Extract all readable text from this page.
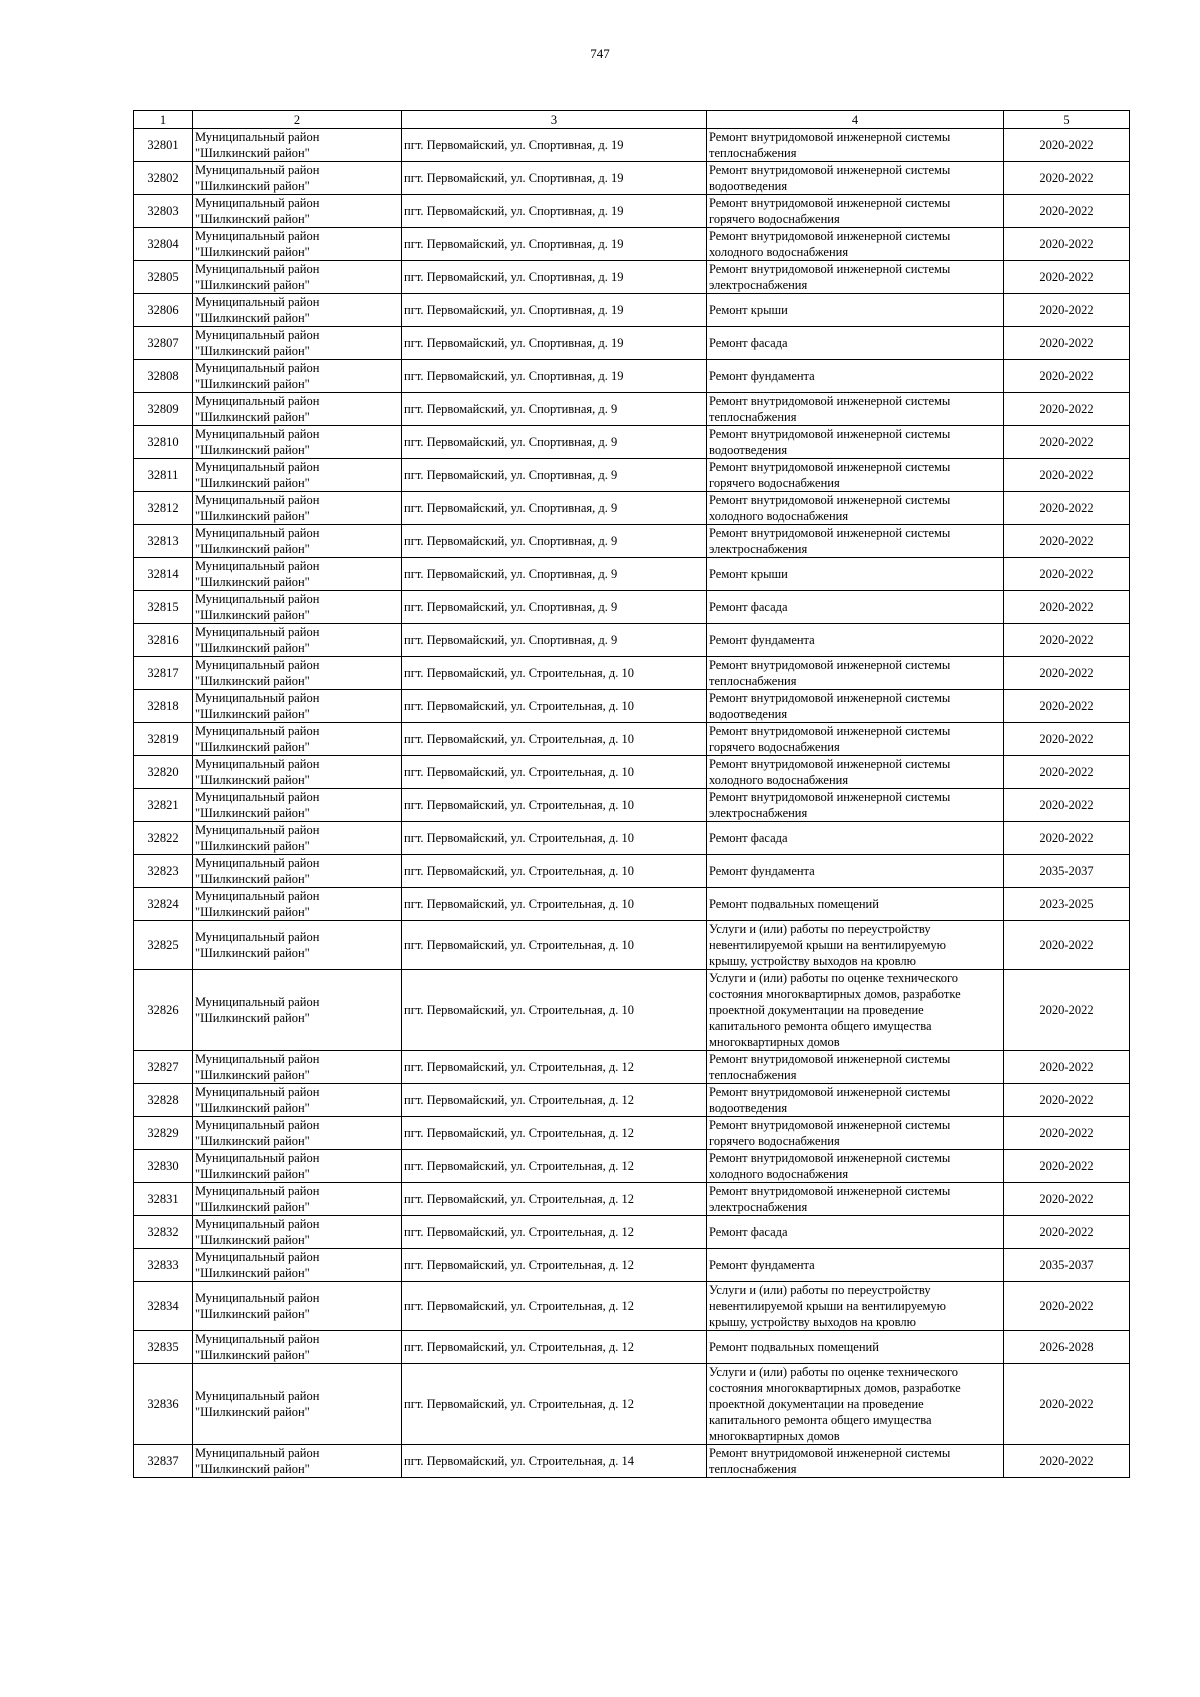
747
1	2	3	4	5

32801	Муниципальный район
"Шилкинский район"	пгт. Первомайский, ул. Спортивная, д. 19	Ремонт внутридомовой инженерной системы
теплоснабжения	2020-2022

32802	Муниципальный район
"Шилкинский район"	пгт. Первомайский, ул. Спортивная, д. 19	Ремонт внутридомовой инженерной системы
водоотведения	2020-2022

32803	Муниципальный район
"Шилкинский район"	пгт. Первомайский, ул. Спортивная, д. 19	Ремонт внутридомовой инженерной системы
горячего водоснабжения	2020-2022

32804	Муниципальный район
"Шилкинский район"	пгт. Первомайский, ул. Спортивная, д. 19	Ремонт внутридомовой инженерной системы
холодного водоснабжения	2020-2022

32805	Муниципальный район
"Шилкинский район"	пгт. Первомайский, ул. Спортивная, д. 19	Ремонт внутридомовой инженерной системы
электроснабжения	2020-2022

32806	Муниципальный район
"Шилкинский район"	пгт. Первомайский, ул. Спортивная, д. 19	Ремонт крыши	2020-2022

32807	Муниципальный район
"Шилкинский район"	пгт. Первомайский, ул. Спортивная, д. 19	Ремонт фасада	2020-2022

32808	Муниципальный район
"Шилкинский район"	пгт. Первомайский, ул. Спортивная, д. 19	Ремонт фундамента	2020-2022

32809	Муниципальный район
"Шилкинский район"	пгт. Первомайский, ул. Спортивная, д. 9	Ремонт внутридомовой инженерной системы
теплоснабжения	2020-2022

32810	Муниципальный район
"Шилкинский район"	пгт. Первомайский, ул. Спортивная, д. 9	Ремонт внутридомовой инженерной системы
водоотведения	2020-2022

32811	Муниципальный район
"Шилкинский район"	пгт. Первомайский, ул. Спортивная, д. 9	Ремонт внутридомовой инженерной системы
горячего водоснабжения	2020-2022

32812	Муниципальный район
"Шилкинский район"	пгт. Первомайский, ул. Спортивная, д. 9	Ремонт внутридомовой инженерной системы
холодного водоснабжения	2020-2022

32813	Муниципальный район
"Шилкинский район"	пгт. Первомайский, ул. Спортивная, д. 9	Ремонт внутридомовой инженерной системы
электроснабжения	2020-2022

32814	Муниципальный район
"Шилкинский район"	пгт. Первомайский, ул. Спортивная, д. 9	Ремонт крыши	2020-2022

32815	Муниципальный район
"Шилкинский район"	пгт. Первомайский, ул. Спортивная, д. 9	Ремонт фасада	2020-2022

32816	Муниципальный район
"Шилкинский район"	пгт. Первомайский, ул. Спортивная, д. 9	Ремонт фундамента	2020-2022

32817	Муниципальный район
"Шилкинский район"	пгт. Первомайский, ул. Строительная, д. 10	Ремонт внутридомовой инженерной системы
теплоснабжения	2020-2022

32818	Муниципальный район
"Шилкинский район"	пгт. Первомайский, ул. Строительная, д. 10	Ремонт внутридомовой инженерной системы
водоотведения	2020-2022

32819	Муниципальный район
"Шилкинский район"	пгт. Первомайский, ул. Строительная, д. 10	Ремонт внутридомовой инженерной системы
горячего водоснабжения	2020-2022

32820	Муниципальный район
"Шилкинский район"	пгт. Первомайский, ул. Строительная, д. 10	Ремонт внутридомовой инженерной системы
холодного водоснабжения	2020-2022

32821	Муниципальный район
"Шилкинский район"	пгт. Первомайский, ул. Строительная, д. 10	Ремонт внутридомовой инженерной системы
электроснабжения	2020-2022

32822	Муниципальный район
"Шилкинский район"	пгт. Первомайский, ул. Строительная, д. 10	Ремонт фасада	2020-2022

32823	Муниципальный район
"Шилкинский район"	пгт. Первомайский, ул. Строительная, д. 10	Ремонт фундамента	2035-2037

32824	Муниципальный район
"Шилкинский район"	пгт. Первомайский, ул. Строительная, д. 10	Ремонт подвальных помещений	2023-2025

32825	Муниципальный район
"Шилкинский район"	пгт. Первомайский, ул. Строительная, д. 10	Услуги и (или) работы по переустройству
невентилируемой крыши на вентилируемую
крышу, устройству выходов на кровлю	2020-2022

32826	Муниципальный район
"Шилкинский район"	пгт. Первомайский, ул. Строительная, д. 10	Услуги и (или) работы по оценке технического
состояния многоквартирных домов, разработке
проектной документации на проведение
капитального ремонта общего имущества
многоквартирных домов	2020-2022

32827	Муниципальный район
"Шилкинский район"	пгт. Первомайский, ул. Строительная, д. 12	Ремонт внутридомовой инженерной системы
теплоснабжения	2020-2022

32828	Муниципальный район
"Шилкинский район"	пгт. Первомайский, ул. Строительная, д. 12	Ремонт внутридомовой инженерной системы
водоотведения	2020-2022

32829	Муниципальный район
"Шилкинский район"	пгт. Первомайский, ул. Строительная, д. 12	Ремонт внутридомовой инженерной системы
горячего водоснабжения	2020-2022

32830	Муниципальный район
"Шилкинский район"	пгт. Первомайский, ул. Строительная, д. 12	Ремонт внутридомовой инженерной системы
холодного водоснабжения	2020-2022

32831	Муниципальный район
"Шилкинский район"	пгт. Первомайский, ул. Строительная, д. 12	Ремонт внутридомовой инженерной системы
электроснабжения	2020-2022

32832	Муниципальный район
"Шилкинский район"	пгт. Первомайский, ул. Строительная, д. 12	Ремонт фасада	2020-2022

32833	Муниципальный район
"Шилкинский район"	пгт. Первомайский, ул. Строительная, д. 12	Ремонт фундамента	2035-2037

32834	Муниципальный район
"Шилкинский район"	пгт. Первомайский, ул. Строительная, д. 12	Услуги и (или) работы по переустройству
невентилируемой крыши на вентилируемую
крышу, устройству выходов на кровлю	2020-2022

32835	Муниципальный район
"Шилкинский район"	пгт. Первомайский, ул. Строительная, д. 12	Ремонт подвальных помещений	2026-2028

32836	Муниципальный район
"Шилкинский район"	пгт. Первомайский, ул. Строительная, д. 12	Услуги и (или) работы по оценке технического
состояния многоквартирных домов, разработке
проектной документации на проведение
капитального ремонта общего имущества
многоквартирных домов	2020-2022

32837	Муниципальный район
"Шилкинский район"	пгт. Первомайский, ул. Строительная, д. 14	Ремонт внутридомовой инженерной системы
теплоснабжения	2020-2022
